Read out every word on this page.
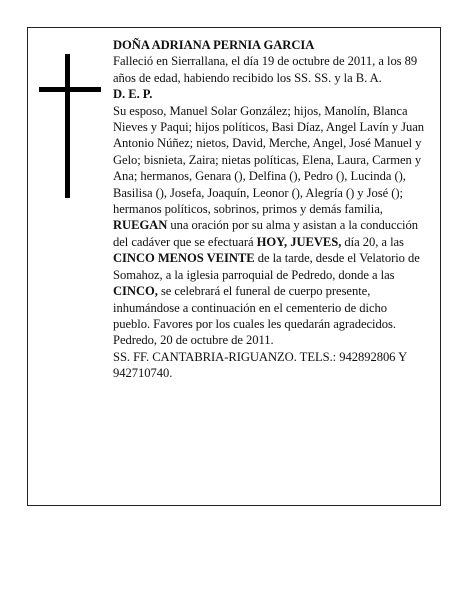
DOÑA ADRIANA PERNIA GARCIA

Falleció en Sierrallana, el día 19 de octubre de 2011, a los 89 años de edad, habiendo recibido los SS. SS. y la B. A.

D. E. P.

Su esposo, Manuel Solar González; hijos, Manolín, Blanca Nieves y Paqui; hijos políticos, Basi Díaz, Angel Lavín y Juan Antonio Núñez; nietos, David, Merche, Angel, José Manuel y Gelo; bisnieta, Zaira; nietas políticas, Elena, Laura, Carmen y Ana; hermanos, Genara (), Delfina (), Pedro (), Lucinda (), Basilisa (), Josefa, Joaquín, Leonor (), Alegría () y José (); hermanos políticos, sobrinos, primos y demás familia,

RUEGAN una oración por su alma y asistan a la conducción del cadáver que se efectuará HOY, JUEVES, día 20, a las CINCO MENOS VEINTE de la tarde, desde el Velatorio de Somahoz, a la iglesia parroquial de Pedredo, donde a las CINCO, se celebrará el funeral de cuerpo presente, inhumándose a continuación en el cementerio de dicho pueblo. Favores por los cuales les quedarán agradecidos.

Pedredo, 20 de octubre de 2011.

SS. FF. CANTABRIA-RIGUANZO. TELS.: 942892806 Y 942710740.
